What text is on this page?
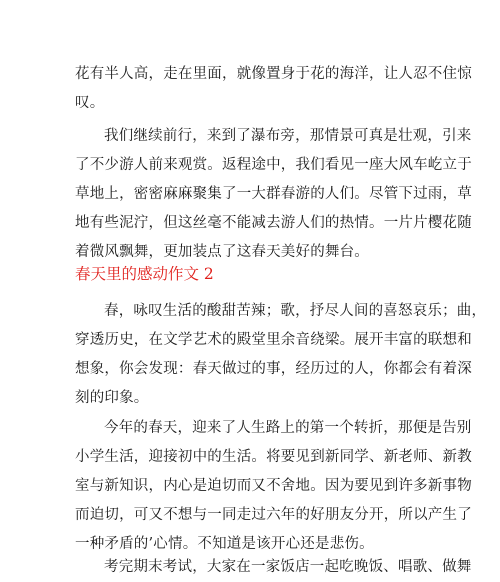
花有半人高，走在里面，就像置身于花的海洋，让人忍不住惊
叹。
我们继续前行，来到了瀑布旁，那情景可真是壮观，引来
了不少游人前来观赏。返程途中，我们看见一座大风车屹立于
草地上，密密麻麻聚集了一大群春游的人们。尽管下过雨，草
地有些泥泞，但这丝毫不能减去游人们的热情。一片片樱花随
着微风飘舞，更加装点了这春天美好的舞台。
春天里的感动作文 2
春，咏叹生活的酸甜苦辣；歌，抒尽人间的喜怒哀乐；曲，
穿透历史，在文学艺术的殿堂里余音绕梁。展开丰富的联想和
想象，你会发现：春天做过的事，经历过的人，你都会有着深
刻的印象。
今年的春天，迎来了人生路上的第一个转折，那便是告别
小学生活，迎接初中的生活。将要见到新同学、新老师、新教
室与新知识，内心是迫切而又不舍地。因为要见到许多新事物
而迫切，可又不想与一同走过六年的好朋友分开，所以产生了
一种矛盾的’心情。不知道是该开心还是悲伤。
考完期末考试，大家在一家饭店一起吃晚饭、唱歌、做舞
